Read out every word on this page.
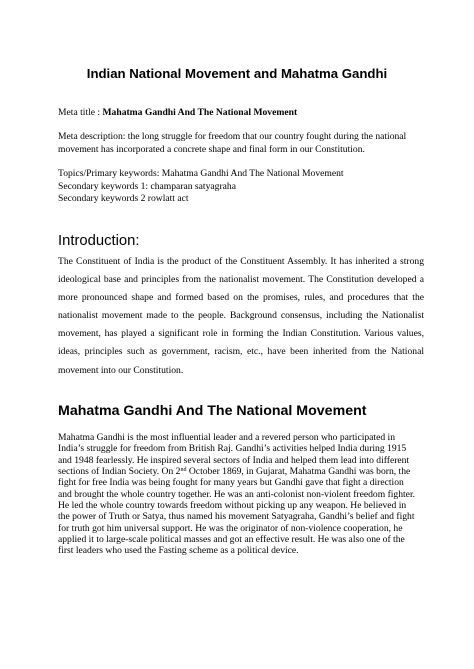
Indian National Movement and Mahatma Gandhi
Meta title : Mahatma Gandhi And The National Movement
Meta description: the long struggle for freedom that our country fought during the national
movement has incorporated a concrete shape and final form in our Constitution.
Topics/Primary keywords: Mahatma Gandhi And The National Movement
Secondary keywords 1: champaran satyagraha
Secondary keywords 2 rowlatt act
Introduction:
The Constituent of India is the product of the Constituent Assembly. It has inherited a strong
ideological base and principles from the nationalist movement. The Constitution developed a
more pronounced shape and formed based on the promises, rules, and procedures that the
nationalist movement made to the people. Background consensus, including the Nationalist
movement, has played a significant role in forming the Indian Constitution. Various values,
ideas, principles such as government, racism, etc., have been inherited from the National
movement into our Constitution.
Mahatma Gandhi And The National Movement
Mahatma Gandhi is the most influential leader and a revered person who participated in
India’s struggle for freedom from British Raj. Gandhi’s activities helped India during 1915
and 1948 fearlessly. He inspired several sectors of India and helped them lead into different
sections of Indian Society. On 2nd October 1869, in Gujarat, Mahatma Gandhi was born, the
fight for free India was being fought for many years but Gandhi gave that fight a direction
and brought the whole country together. He was an anti-colonist non-violent freedom fighter.
He led the whole country towards freedom without picking up any weapon. He believed in
the power of Truth or Satya, thus named his movement Satyagraha, Gandhi’s belief and fight
for truth got him universal support. He was the originator of non-violence cooperation, he
applied it to large-scale political masses and got an effective result. He was also one of the
first leaders who used the Fasting scheme as a political device.
